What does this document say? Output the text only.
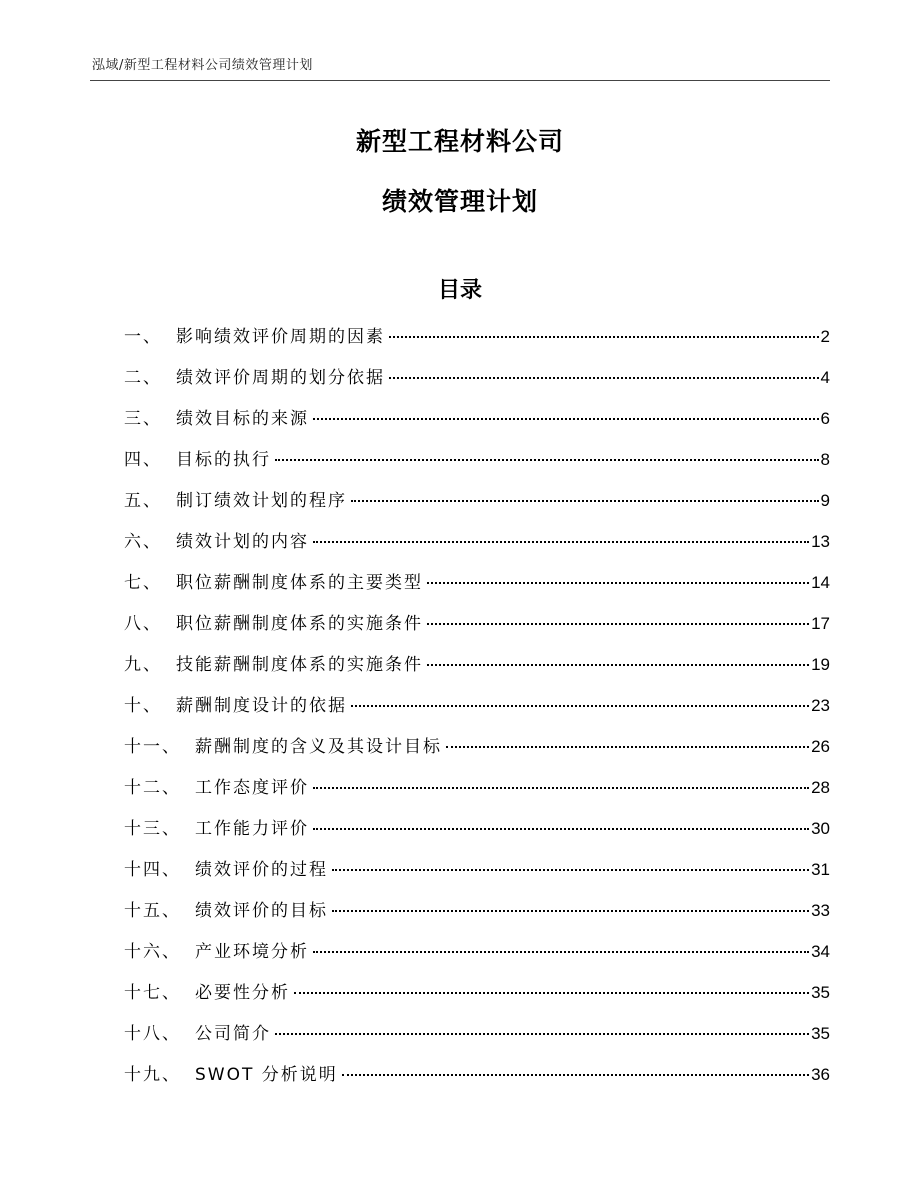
泓域/新型工程材料公司绩效管理计划
新型工程材料公司
绩效管理计划
目录
一、 影响绩效评价周期的因素	2
二、 绩效评价周期的划分依据	4
三、 绩效目标的来源	6
四、 目标的执行	8
五、 制订绩效计划的程序	9
六、 绩效计划的内容	13
七、 职位薪酬制度体系的主要类型	14
八、 职位薪酬制度体系的实施条件	17
九、 技能薪酬制度体系的实施条件	19
十、 薪酬制度设计的依据	23
十一、 薪酬制度的含义及其设计目标	26
十二、 工作态度评价	28
十三、 工作能力评价	30
十四、 绩效评价的过程	31
十五、 绩效评价的目标	33
十六、 产业环境分析	34
十七、 必要性分析	35
十八、 公司简介	35
十九、 SWOT 分析说明	36
